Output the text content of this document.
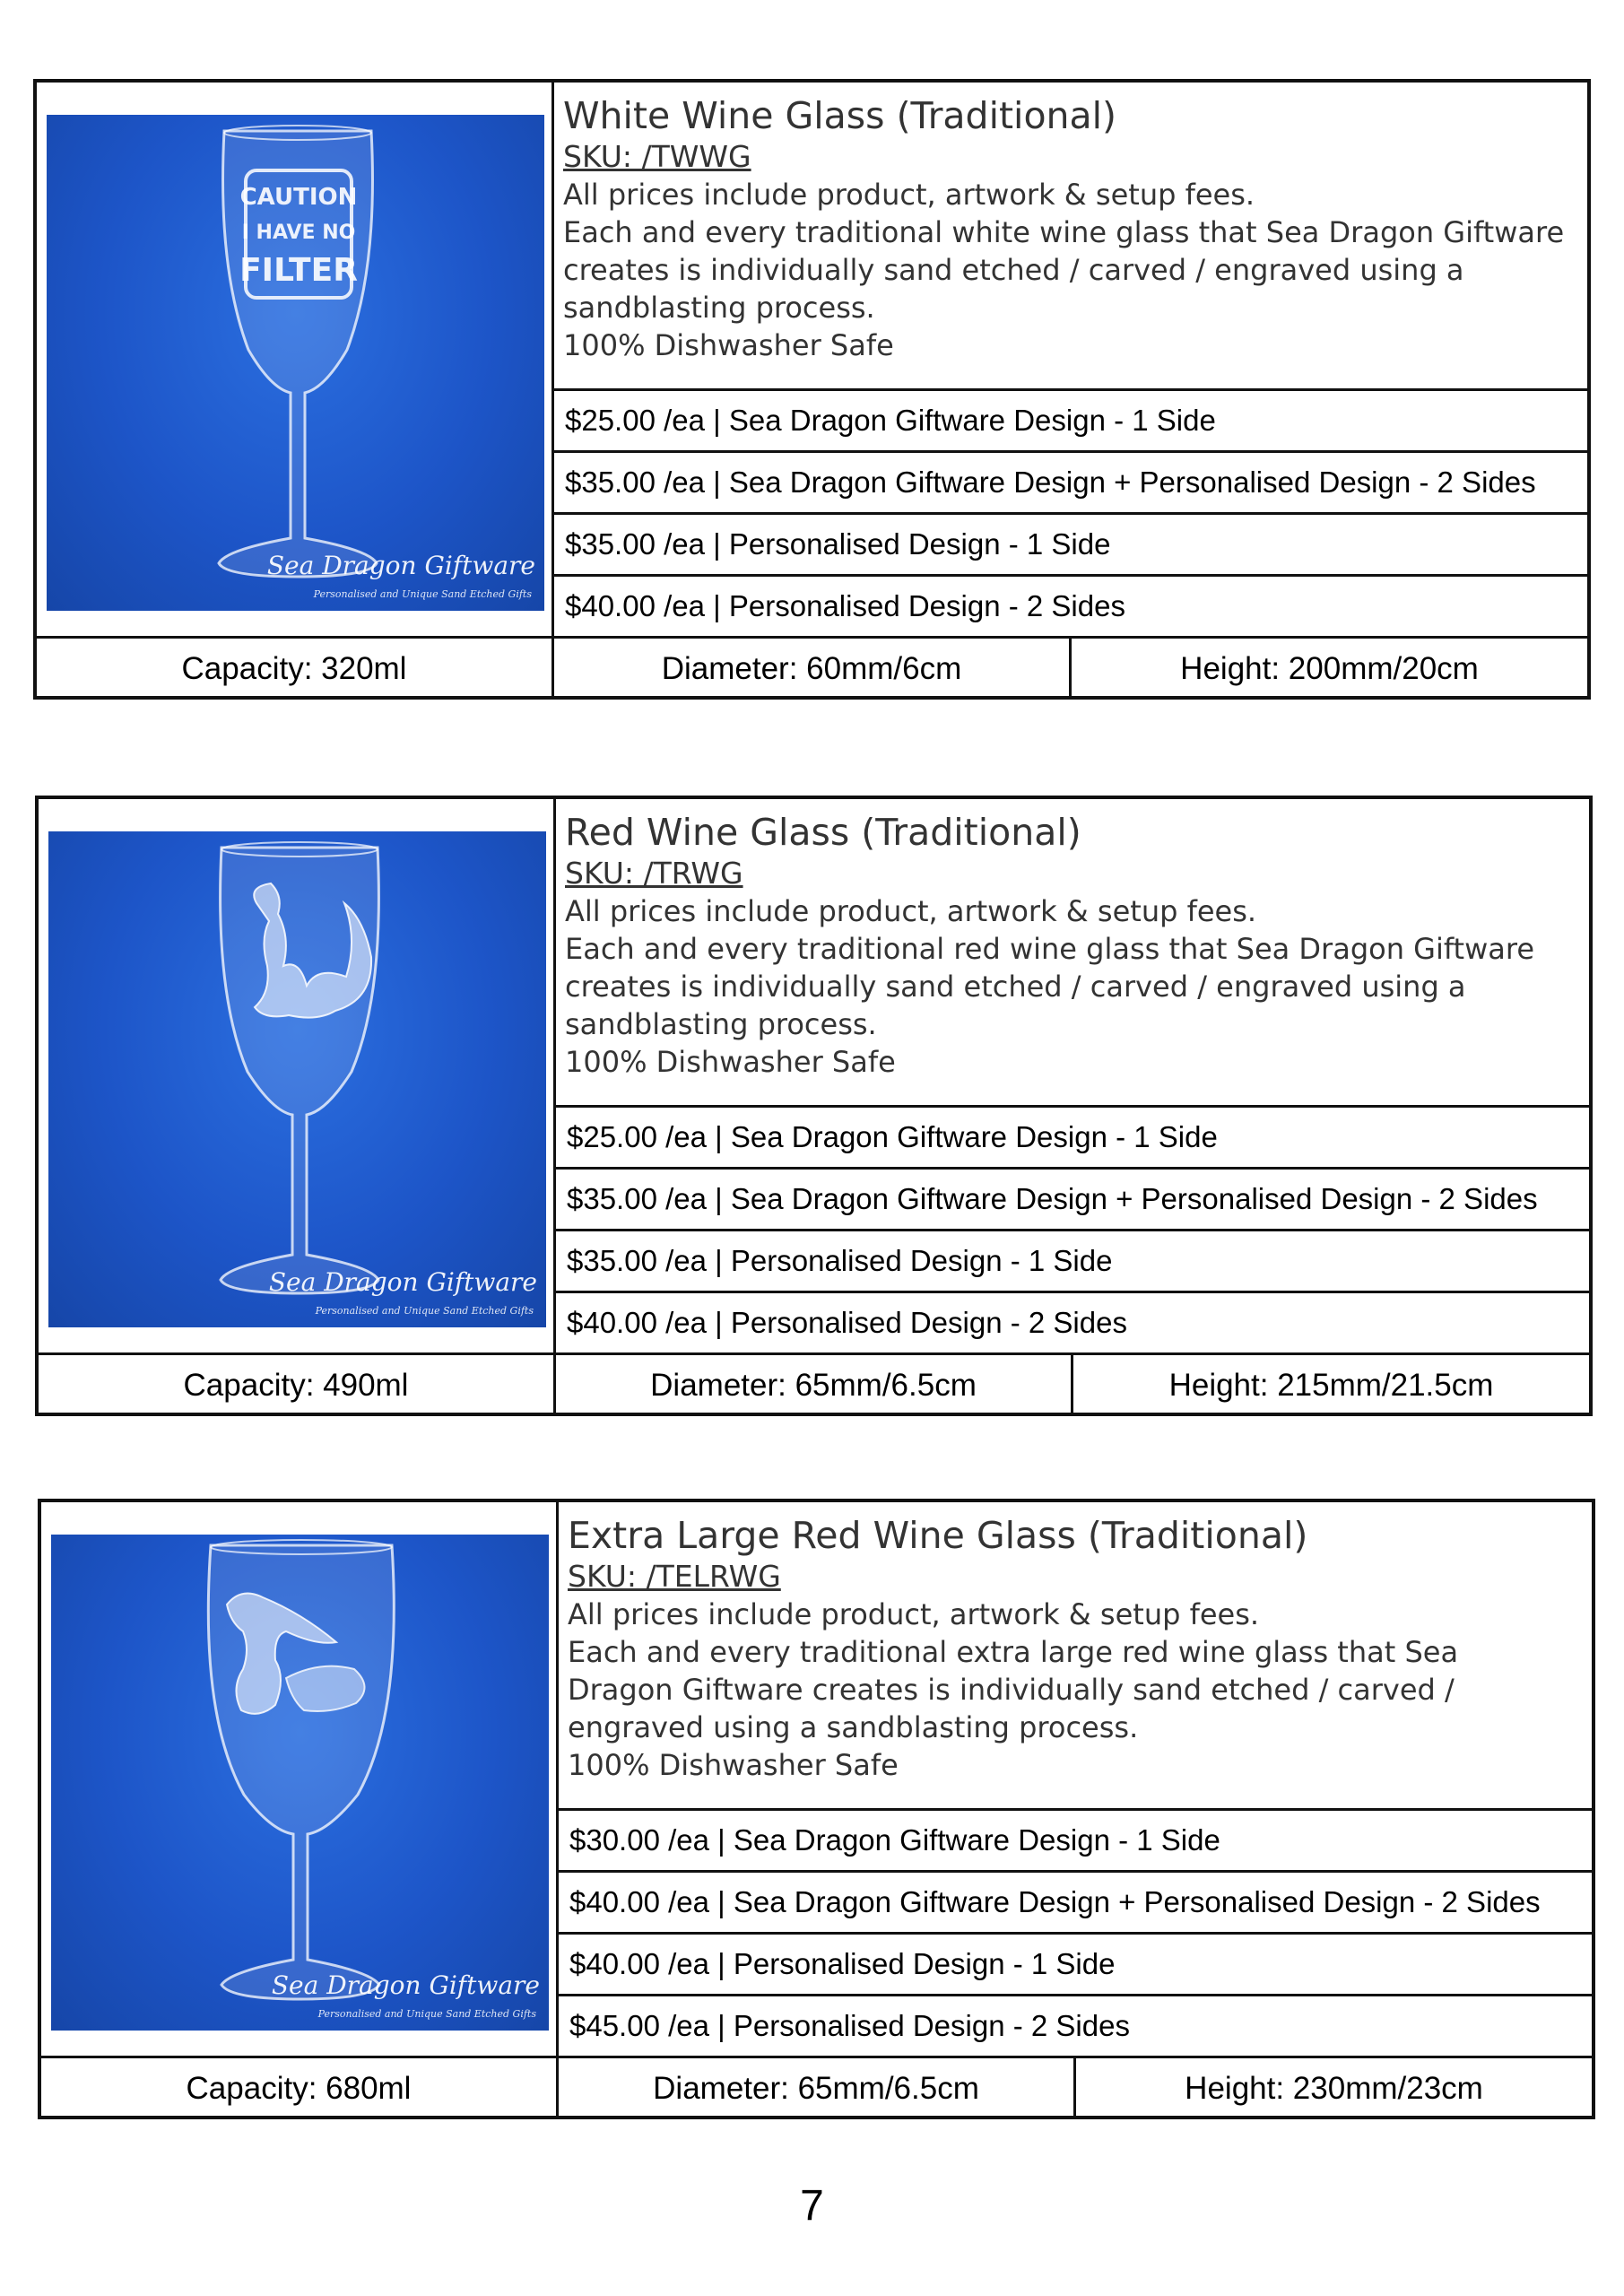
CAUTION
I HAVE NO
FILTER
Sea Dragon Giftware
Personalised and Unique Sand Etched Gifts
White Wine Glass (Traditional)
SKU: /TWWG
All prices include product, artwork & setup fees.
Each and every traditional white wine glass that Sea Dragon Giftware
creates is individually sand etched / carved / engraved using a
sandblasting process.
100% Dishwasher Safe
$25.00 /ea | Sea Dragon Giftware Design - 1 Side
$35.00 /ea | Sea Dragon Giftware Design + Personalised Design - 2 Sides
$35.00 /ea | Personalised Design - 1 Side
$40.00 /ea | Personalised Design - 2 Sides
Capacity: 320ml	Diameter: 60mm/6cm	Height: 200mm/20cm
Sea Dragon Giftware
Personalised and Unique Sand Etched Gifts
Red Wine Glass (Traditional)
SKU: /TRWG
All prices include product, artwork & setup fees.
Each and every traditional red wine glass that Sea Dragon Giftware
creates is individually sand etched / carved / engraved using a
sandblasting process.
100% Dishwasher Safe
$25.00 /ea | Sea Dragon Giftware Design - 1 Side
$35.00 /ea | Sea Dragon Giftware Design + Personalised Design - 2 Sides
$35.00 /ea | Personalised Design - 1 Side
$40.00 /ea | Personalised Design - 2 Sides
Capacity: 490ml	Diameter: 65mm/6.5cm	Height: 215mm/21.5cm
Sea Dragon Giftware
Personalised and Unique Sand Etched Gifts
Extra Large Red Wine Glass (Traditional)
SKU: /TELRWG
All prices include product, artwork & setup fees.
Each and every traditional extra large red wine glass that Sea
Dragon Giftware creates is individually sand etched / carved /
engraved using a sandblasting process.
100% Dishwasher Safe
$30.00 /ea | Sea Dragon Giftware Design - 1 Side
$40.00 /ea | Sea Dragon Giftware Design + Personalised Design - 2 Sides
$40.00 /ea | Personalised Design - 1 Side
$45.00 /ea | Personalised Design - 2 Sides
Capacity: 680ml	Diameter: 65mm/6.5cm	Height: 230mm/23cm
7
